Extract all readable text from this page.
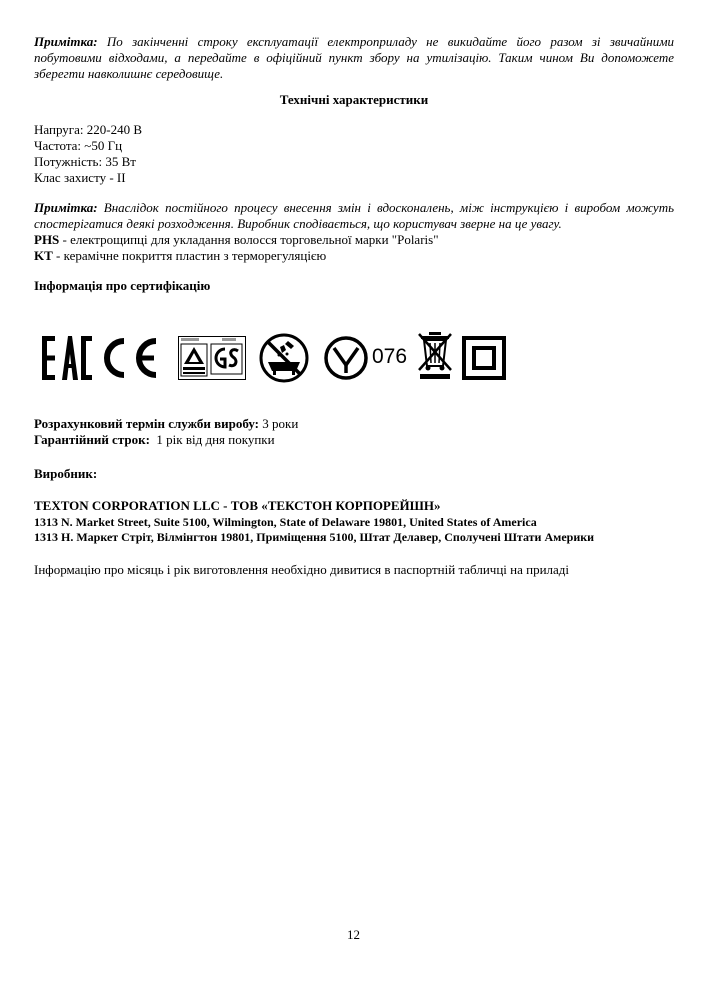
Примітка: По закінченні строку експлуатації електроприладу не викидайте його разом зі звичайними побутовими відходами, а передайте в офіційний пункт збору на утилізацію. Таким чином Ви допоможете зберегти навколишнє середовище.

Технічні характеристики

Напруга: 220-240 В
Частота: ~50 Гц
Потужність: 35 Вт
Клас захисту - ІІ

Примітка: Внаслідок постійного процесу внесення змін і вдосконалень, між інструкцією і виробом можуть спостерігатися деякі розходження. Виробник сподівається, що користувач зверне на це увагу.

PHS - електрощипці для укладання волосся торговельної марки "Polaris"
KT - керамічне покриття пластин з терморегуляцією

Інформація про сертифікацію

076
Розрахунковий термін служби виробу: 3 роки
Гарантійний строк:  1 рік від дня покупки
Виробник:
TEXTON CORPORATION LLC - ТОВ «ТЕКСТОН КОРПОРЕЙШН»
1313 N. Market Street, Suite 5100, Wilmington, State of Delaware 19801, United States of America
1313 Н. Маркет Стріт, Вілмінгтон 19801, Приміщення 5100, Штат Делавер, Сполучені Штати Америки
Інформацію про місяць і рік виготовлення необхідно дивитися в паспортній табличці на приладі
12
